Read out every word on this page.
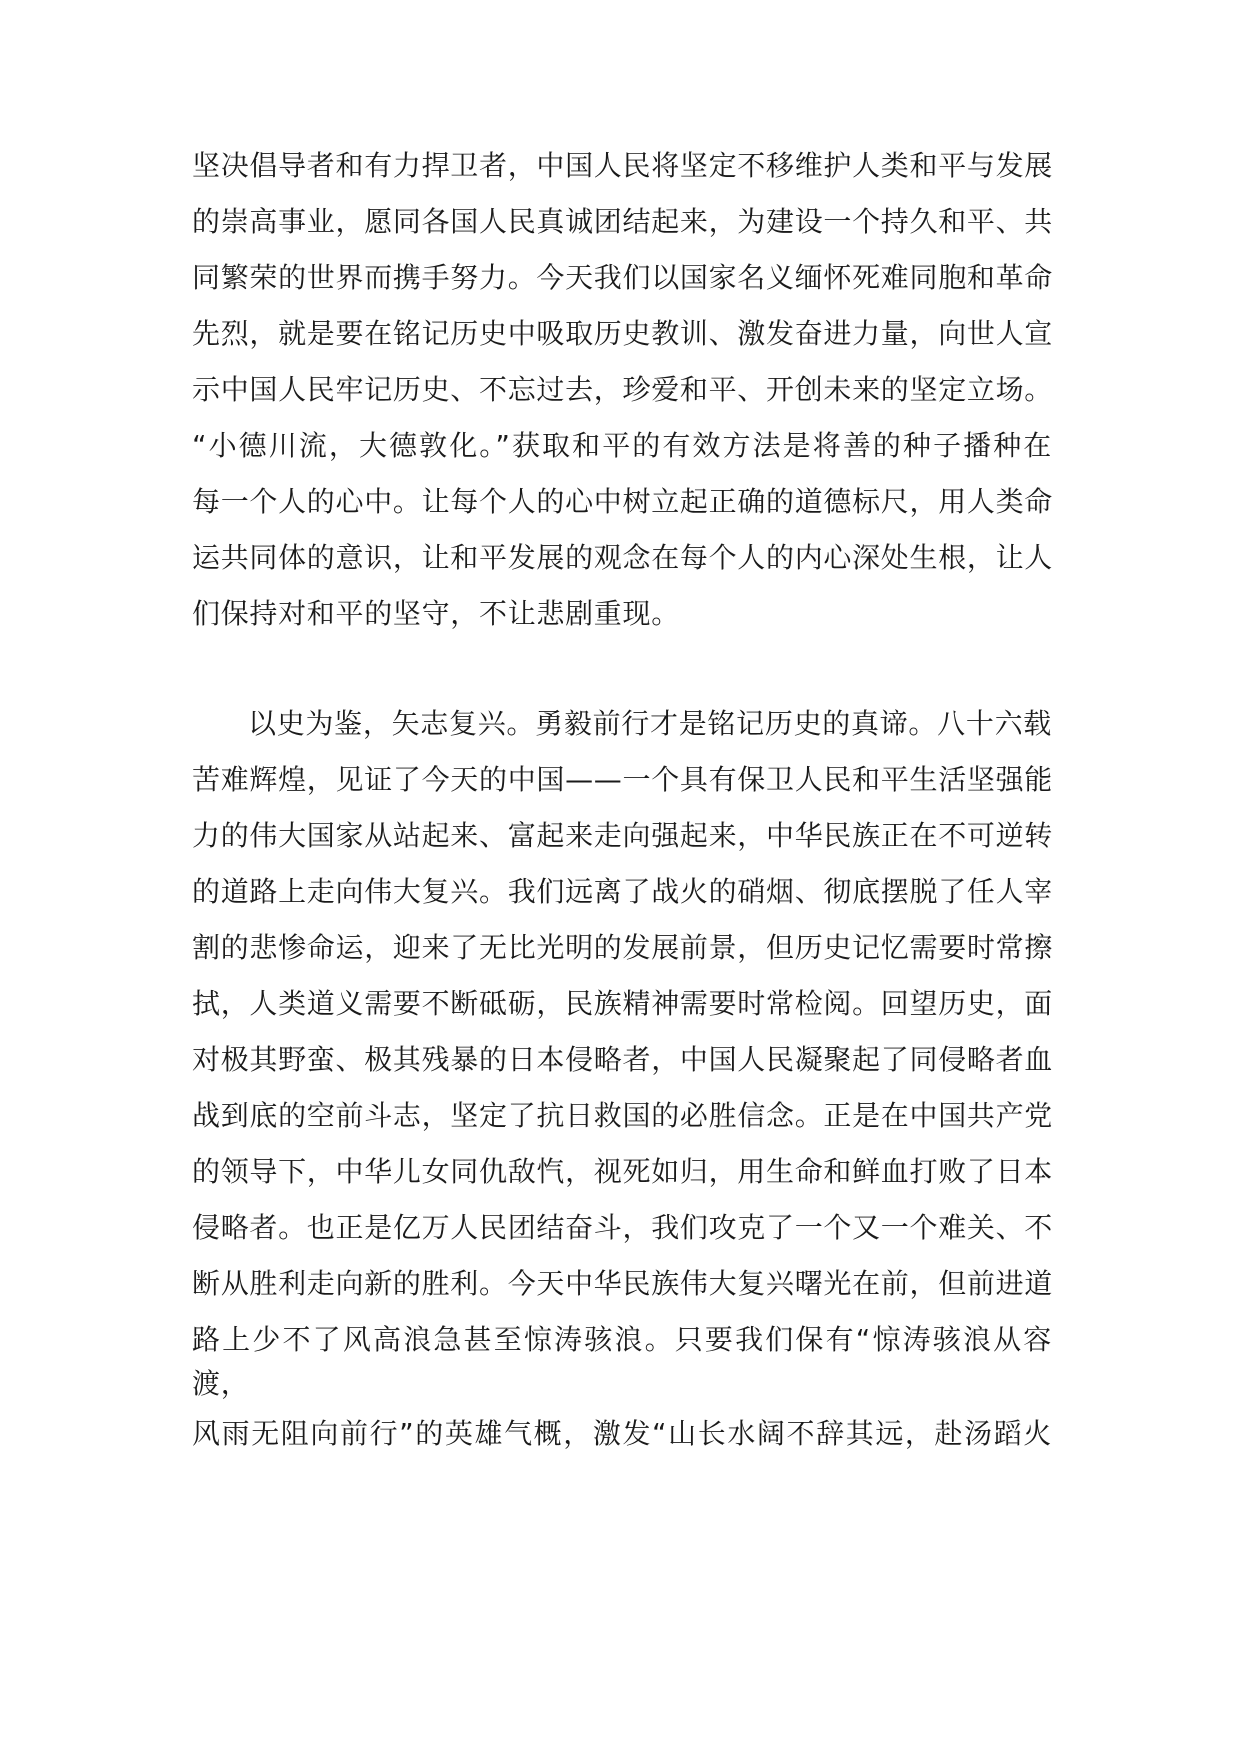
坚决倡导者和有力捍卫者，中国人民将坚定不移维护人类和平与发展
的崇高事业，愿同各国人民真诚团结起来，为建设一个持久和平、共
同繁荣的世界而携手努力。今天我们以国家名义缅怀死难同胞和革命
先烈，就是要在铭记历史中吸取历史教训、激发奋进力量，向世人宣
示中国人民牢记历史、不忘过去，珍爱和平、开创未来的坚定立场。
“小德川流，大德敦化。”获取和平的有效方法是将善的种子播种在
每一个人的心中。让每个人的心中树立起正确的道德标尺，用人类命
运共同体的意识，让和平发展的观念在每个人的内心深处生根，让人
们保持对和平的坚守，不让悲剧重现。
以史为鉴，矢志复兴。勇毅前行才是铭记历史的真谛。八十六载
苦难辉煌，见证了今天的中国——一个具有保卫人民和平生活坚强能
力的伟大国家从站起来、富起来走向强起来，中华民族正在不可逆转
的道路上走向伟大复兴。我们远离了战火的硝烟、彻底摆脱了任人宰
割的悲惨命运，迎来了无比光明的发展前景，但历史记忆需要时常擦
拭，人类道义需要不断砥砺，民族精神需要时常检阅。回望历史，面
对极其野蛮、极其残暴的日本侵略者，中国人民凝聚起了同侵略者血
战到底的空前斗志，坚定了抗日救国的必胜信念。正是在中国共产党
的领导下，中华儿女同仇敌忾，视死如归，用生命和鲜血打败了日本
侵略者。也正是亿万人民团结奋斗，我们攻克了一个又一个难关、不
断从胜利走向新的胜利。今天中华民族伟大复兴曙光在前，但前进道
路上少不了风高浪急甚至惊涛骇浪。只要我们保有“惊涛骇浪从容
渡，
风雨无阻向前行”的英雄气概，激发“山长水阔不辞其远，赴汤蹈火
